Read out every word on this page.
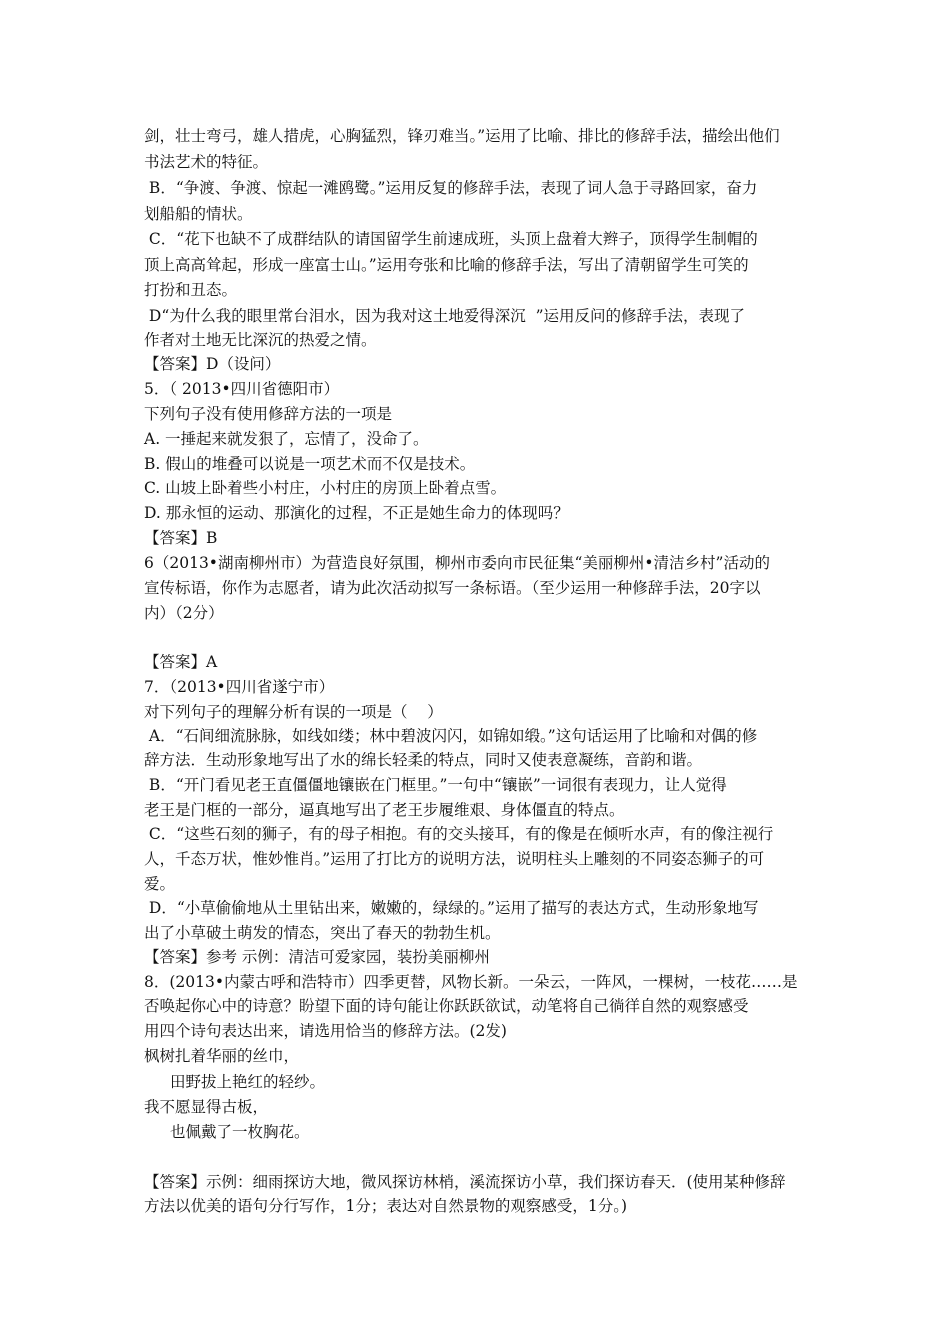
剑，壮士弯弓，雄人措虎，心胸猛烈，锋刃难当。”运用了比喻、排比的修辞手法，描绘出他们
书法艺术的特征。
B．“争渡、争渡、惊起一滩鸥鹭。”运用反复的修辞手法，表现了词人急于寻路回家，奋力
划船船的情状。
C．“花下也缺不了成群结队的请国留学生前速成班，头顶上盘着大辫子，顶得学生制帽的
顶上高高耸起，形成一座富士山。”运用夸张和比喻的修辞手法，写出了清朝留学生可笑的
打扮和丑态。
D“为什么我的眼里常台泪水，因为我对这土地爱得深沉  ”运用反问的修辞手法，表现了
作者对土地无比深沉的热爱之情。
【答案】D（设问）
5．（ 2013•四川省德阳市）
下列句子没有使用修辞方法的一项是
A. 一捶起来就发狠了，忘情了，没命了。
B. 假山的堆叠可以说是一项艺术而不仅是技术。
C. 山坡上卧着些小村庄，小村庄的房顶上卧着点雪。
D. 那永恒的运动、那演化的过程，不正是她生命力的体现吗？
【答案】B
6（2013•湖南柳州市）为营造良好氛围，柳州市委向市民征集“美丽柳州•清洁乡村”活动的
宣传标语，你作为志愿者，请为此次活动拟写一条标语。（至少运用一种修辞手法，20字以
内）（2分）
【答案】A
7．（2013•四川省遂宁市）
对下列句子的理解分析有误的一项是（    ）
A．“石间细流脉脉，如线如缕；林中碧波闪闪，如锦如缎。”这句话运用了比喻和对偶的修
辞方法．生动形象地写出了水的绵长轻柔的特点，同时又使表意凝练，音韵和谐。
B．“开门看见老王直僵僵地镶嵌在门框里。”一句中“镶嵌”一词很有表现力，让人觉得
老王是门框的一部分，逼真地写出了老王步履维艰、身体僵直的特点。
C．“这些石刻的狮子，有的母子相抱。有的交头接耳，有的像是在倾听水声，有的像注视行
人，千态万状，惟妙惟肖。”运用了打比方的说明方法，说明柱头上雕刻的不同姿态狮子的可
爱。
D．“小草偷偷地从土里钻出来，嫩嫩的，绿绿的。”运用了描写的表达方式，生动形象地写
出了小草破土萌发的情态，突出了春天的勃勃生机。
【答案】参考 示例：清洁可爱家园，装扮美丽柳州
8．(2013•内蒙古呼和浩特市）四季更替，风物长新。一朵云，一阵风，一棵树，一枝花……是
否唤起你心中的诗意？盼望下面的诗句能让你跃跃欲试，动笔将自己徜徉自然的观察感受
用四个诗句表达出来，请选用恰当的修辞方法。(2发)
枫树扎着华丽的丝巾，
田野拔上艳红的轻纱。
我不愿显得古板，
也佩戴了一枚胸花。
【答案】示例：细雨探访大地，微风探访林梢，溪流探访小草，我们探访春天．(使用某种修辞
方法以优美的语句分行写作，1分；表达对自然景物的观察感受，1分。)
